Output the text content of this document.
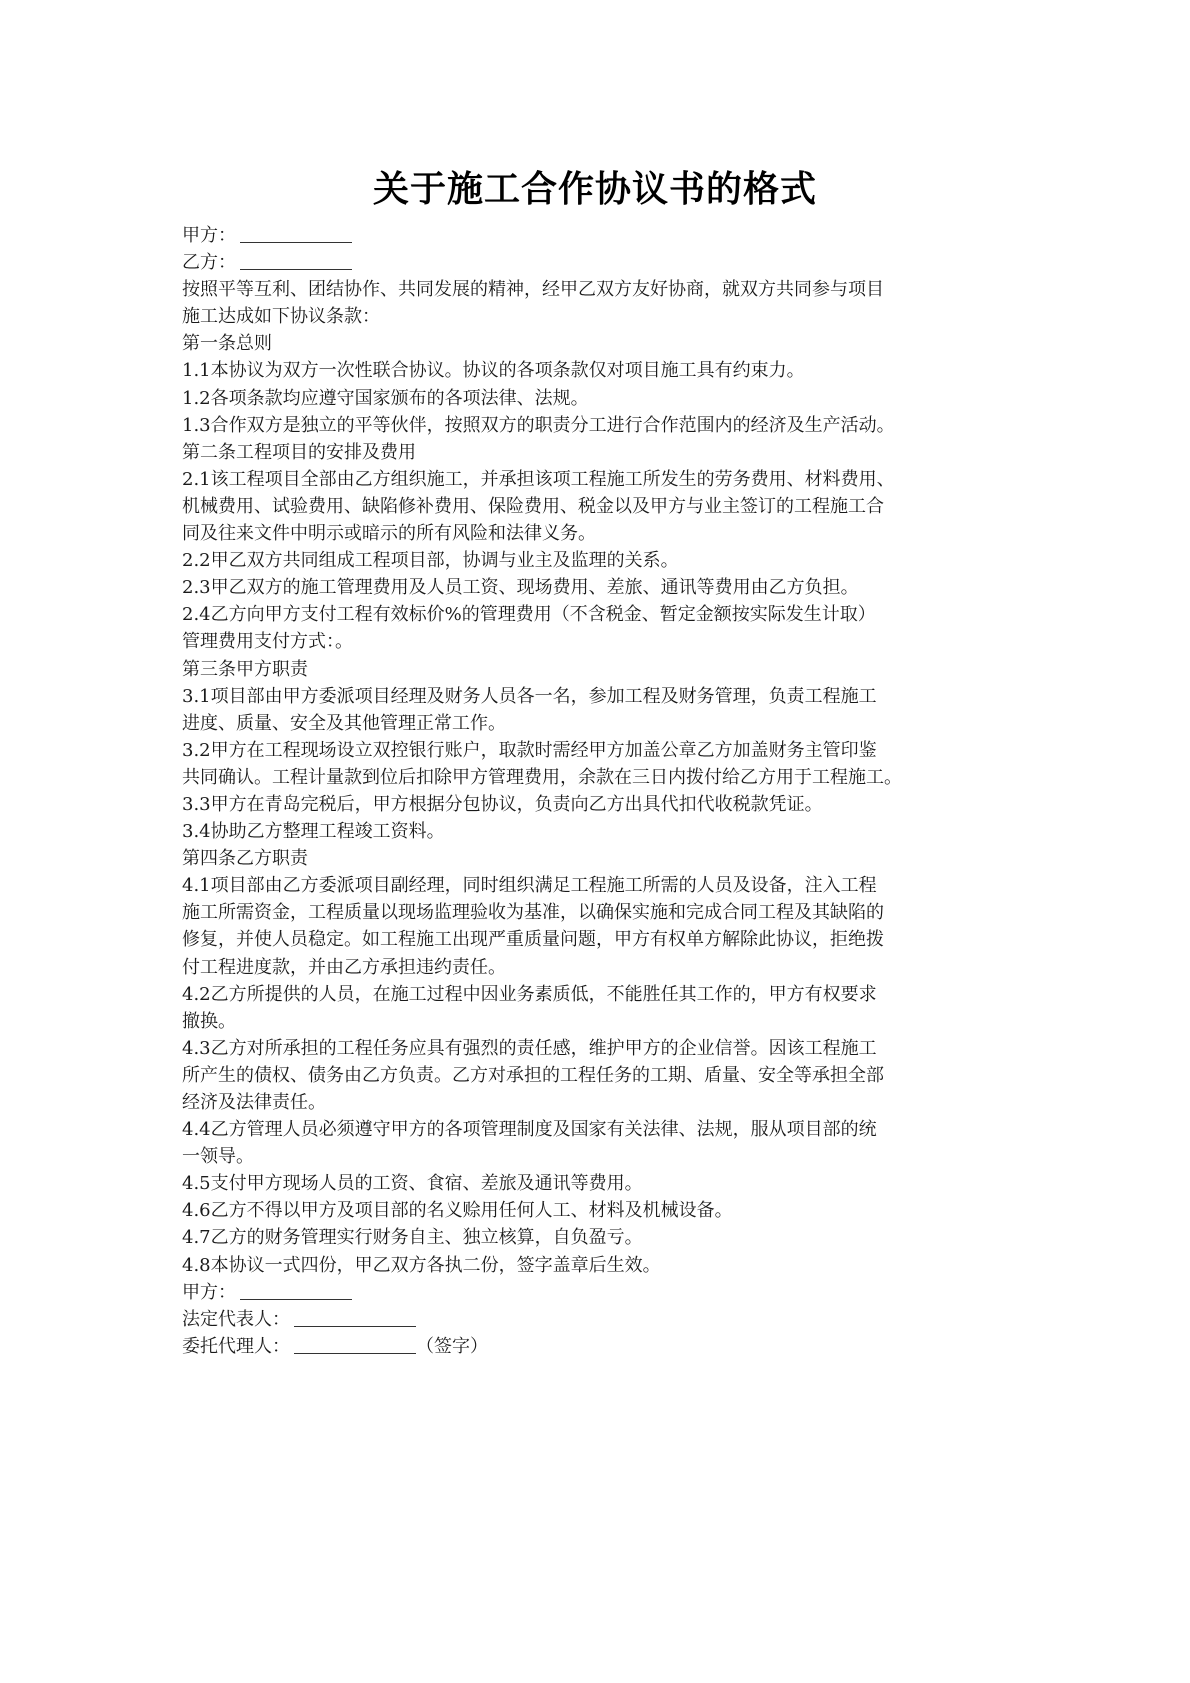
关于施工合作协议书的格式
甲方：
乙方：
按照平等互利、团结协作、共同发展的精神，经甲乙双方友好协商，就双方共同参与项目
施工达成如下协议条款：
第一条总则
1.1本协议为双方一次性联合协议。协议的各项条款仅对项目施工具有约束力。
1.2各项条款均应遵守国家颁布的各项法律、法规。
1.3合作双方是独立的平等伙伴，按照双方的职责分工进行合作范围内的经济及生产活动。
第二条工程项目的安排及费用
2.1该工程项目全部由乙方组织施工，并承担该项工程施工所发生的劳务费用、材料费用、
机械费用、试验费用、缺陷修补费用、保险费用、税金以及甲方与业主签订的工程施工合
同及往来文件中明示或暗示的所有风险和法律义务。
2.2甲乙双方共同组成工程项目部，协调与业主及监理的关系。
2.3甲乙双方的施工管理费用及人员工资、现场费用、差旅、通讯等费用由乙方负担。
2.4乙方向甲方支付工程有效标价%的管理费用（不含税金、暂定金额按实际发生计取）
管理费用支付方式：。
第三条甲方职责
3.1项目部由甲方委派项目经理及财务人员各一名，参加工程及财务管理，负责工程施工
进度、质量、安全及其他管理正常工作。
3.2甲方在工程现场设立双控银行账户，取款时需经甲方加盖公章乙方加盖财务主管印鉴
共同确认。工程计量款到位后扣除甲方管理费用，余款在三日内拨付给乙方用于工程施工。
3.3甲方在青岛完税后，甲方根据分包协议，负责向乙方出具代扣代收税款凭证。
3.4协助乙方整理工程竣工资料。
第四条乙方职责
4.1项目部由乙方委派项目副经理，同时组织满足工程施工所需的人员及设备，注入工程
施工所需资金，工程质量以现场监理验收为基准，以确保实施和完成合同工程及其缺陷的
修复，并使人员稳定。如工程施工出现严重质量问题，甲方有权单方解除此协议，拒绝拨
付工程进度款，并由乙方承担违约责任。
4.2乙方所提供的人员，在施工过程中因业务素质低，不能胜任其工作的，甲方有权要求
撤换。
4.3乙方对所承担的工程任务应具有强烈的责任感，维护甲方的企业信誉。因该工程施工
所产生的债权、债务由乙方负责。乙方对承担的工程任务的工期、盾量、安全等承担全部
经济及法律责任。
4.4乙方管理人员必须遵守甲方的各项管理制度及国家有关法律、法规，服从项目部的统
一领导。
4.5支付甲方现场人员的工资、食宿、差旅及通讯等费用。
4.6乙方不得以甲方及项目部的名义赊用任何人工、材料及机械设备。
4.7乙方的财务管理实行财务自主、独立核算，自负盈亏。
4.8本协议一式四份，甲乙双方各执二份，签字盖章后生效。
甲方：
法定代表人：
委托代理人：	（签字）
